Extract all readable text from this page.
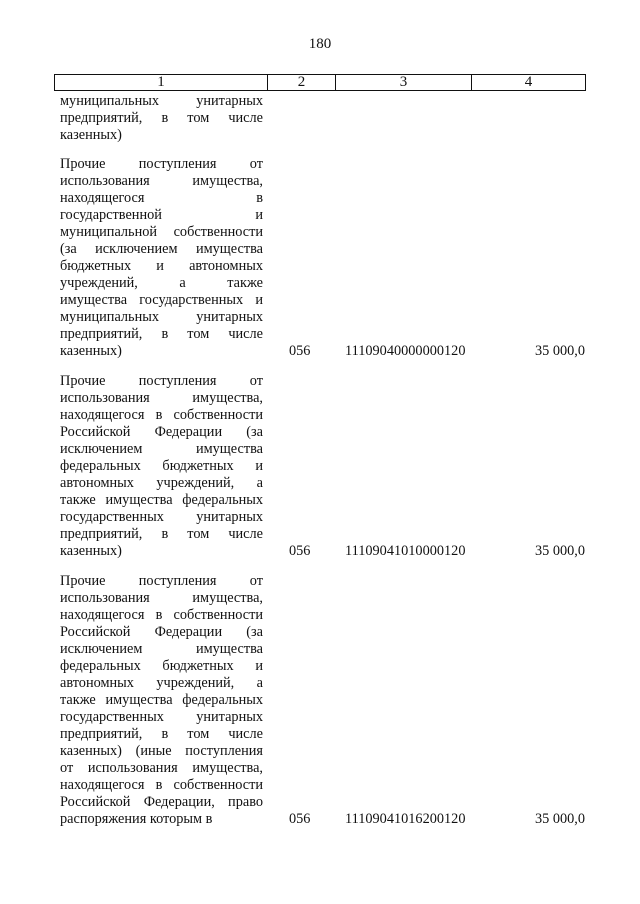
180
1	2	3	4
муниципальных унитарных
предприятий, в том числе
казенных)
Прочие поступления от
использования имущества,
находящегося в
государственной и
муниципальной собственности
(за исключением имущества
бюджетных и автономных
учреждений, а также
имущества государственных и
муниципальных унитарных
предприятий, в том числе
казенных)	056 11109040000000120	35 000,0
Прочие поступления от
использования имущества,
находящегося в собственности
Российской Федерации (за
исключением имущества
федеральных бюджетных и
автономных учреждений, а
также имущества федеральных
государственных унитарных
предприятий, в том числе
казенных)	056 11109041010000120	35 000,0
Прочие поступления от
использования имущества,
находящегося в собственности
Российской Федерации (за
исключением имущества
федеральных бюджетных и
автономных учреждений, а
также имущества федеральных
государственных унитарных
предприятий, в том числе
казенных) (иные поступления
от использования имущества,
находящегося в собственности
Российской Федерации, право
распоряжения которым в	056 11109041016200120	35 000,0
